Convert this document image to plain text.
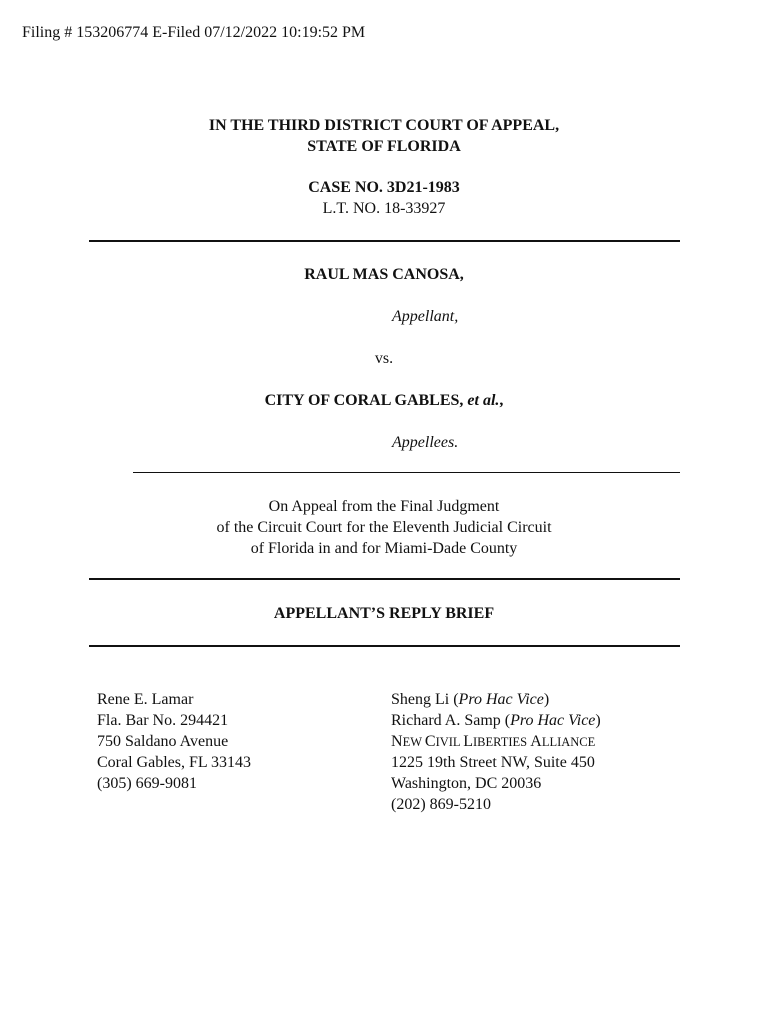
Filing # 153206774 E-Filed 07/12/2022 10:19:52 PM
IN THE THIRD DISTRICT COURT OF APPEAL,
STATE OF FLORIDA
CASE NO. 3D21-1983
L.T. NO. 18-33927
RAUL MAS CANOSA,
Appellant,
vs.
CITY OF CORAL GABLES, et al.,
Appellees.
On Appeal from the Final Judgment
of the Circuit Court for the Eleventh Judicial Circuit
of Florida in and for Miami-Dade County
APPELLANT’S REPLY BRIEF
Rene E. Lamar
Fla. Bar No. 294421
750 Saldano Avenue
Coral Gables, FL 33143
(305) 669-9081
Sheng Li (Pro Hac Vice)
Richard A. Samp (Pro Hac Vice)
NEW CIVIL LIBERTIES ALLIANCE
1225 19th Street NW, Suite 450
Washington, DC 20036
(202) 869-5210
